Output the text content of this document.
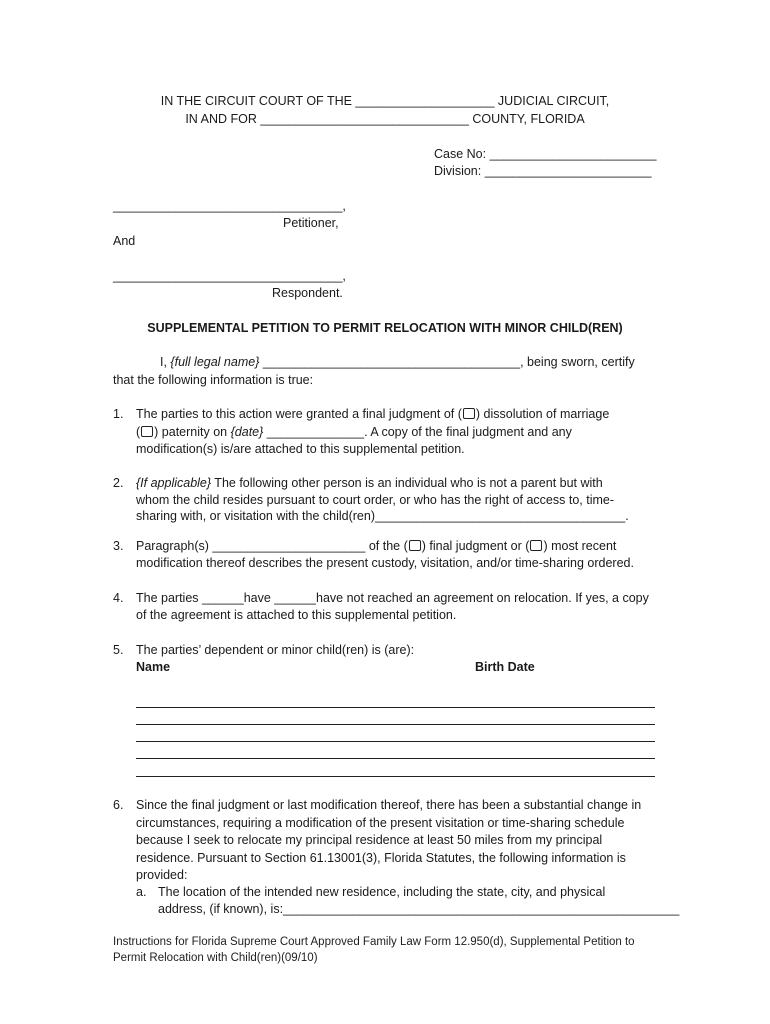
IN THE CIRCUIT COURT OF THE ____________________ JUDICIAL CIRCUIT,
IN AND FOR ______________________________ COUNTY, FLORIDA
Case No: ________________________
Division: ________________________
_________________________________,
Petitioner,
And
_________________________________,
Respondent.
SUPPLEMENTAL PETITION TO PERMIT RELOCATION WITH MINOR CHILD(REN)
I, {full legal name} _____________________________________, being sworn, certify
that the following information is true:
1. The parties to this action were granted a final judgment of ( ) dissolution of marriage
( ) paternity on {date} ______________. A copy of the final judgment and any
modification(s) is/are attached to this supplemental petition.
2. {If applicable} The following other person is an individual who is not a parent but with
whom the child resides pursuant to court order, or who has the right of access to, time-
sharing with, or visitation with the child(ren)____________________________________.
3. Paragraph(s) ______________________ of the ( ) final judgment or ( ) most recent
modification thereof describes the present custody, visitation, and/or time-sharing ordered.
4. The parties ______have ______have not reached an agreement on relocation. If yes, a copy
of the agreement is attached to this supplemental petition.
5. The parties’ dependent or minor child(ren) is (are):
Name	Birth Date
6. Since the final judgment or last modification thereof, there has been a substantial change in
circumstances, requiring a modification of the present visitation or time-sharing schedule
because I seek to relocate my principal residence at least 50 miles from my principal
residence. Pursuant to Section 61.13001(3), Florida Statutes, the following information is
provided:
a. The location of the intended new residence, including the state, city, and physical
address, (if known), is:_________________________________________________________
Instructions for Florida Supreme Court Approved Family Law Form 12.950(d), Supplemental Petition to
Permit Relocation with Child(ren)(09/10)
